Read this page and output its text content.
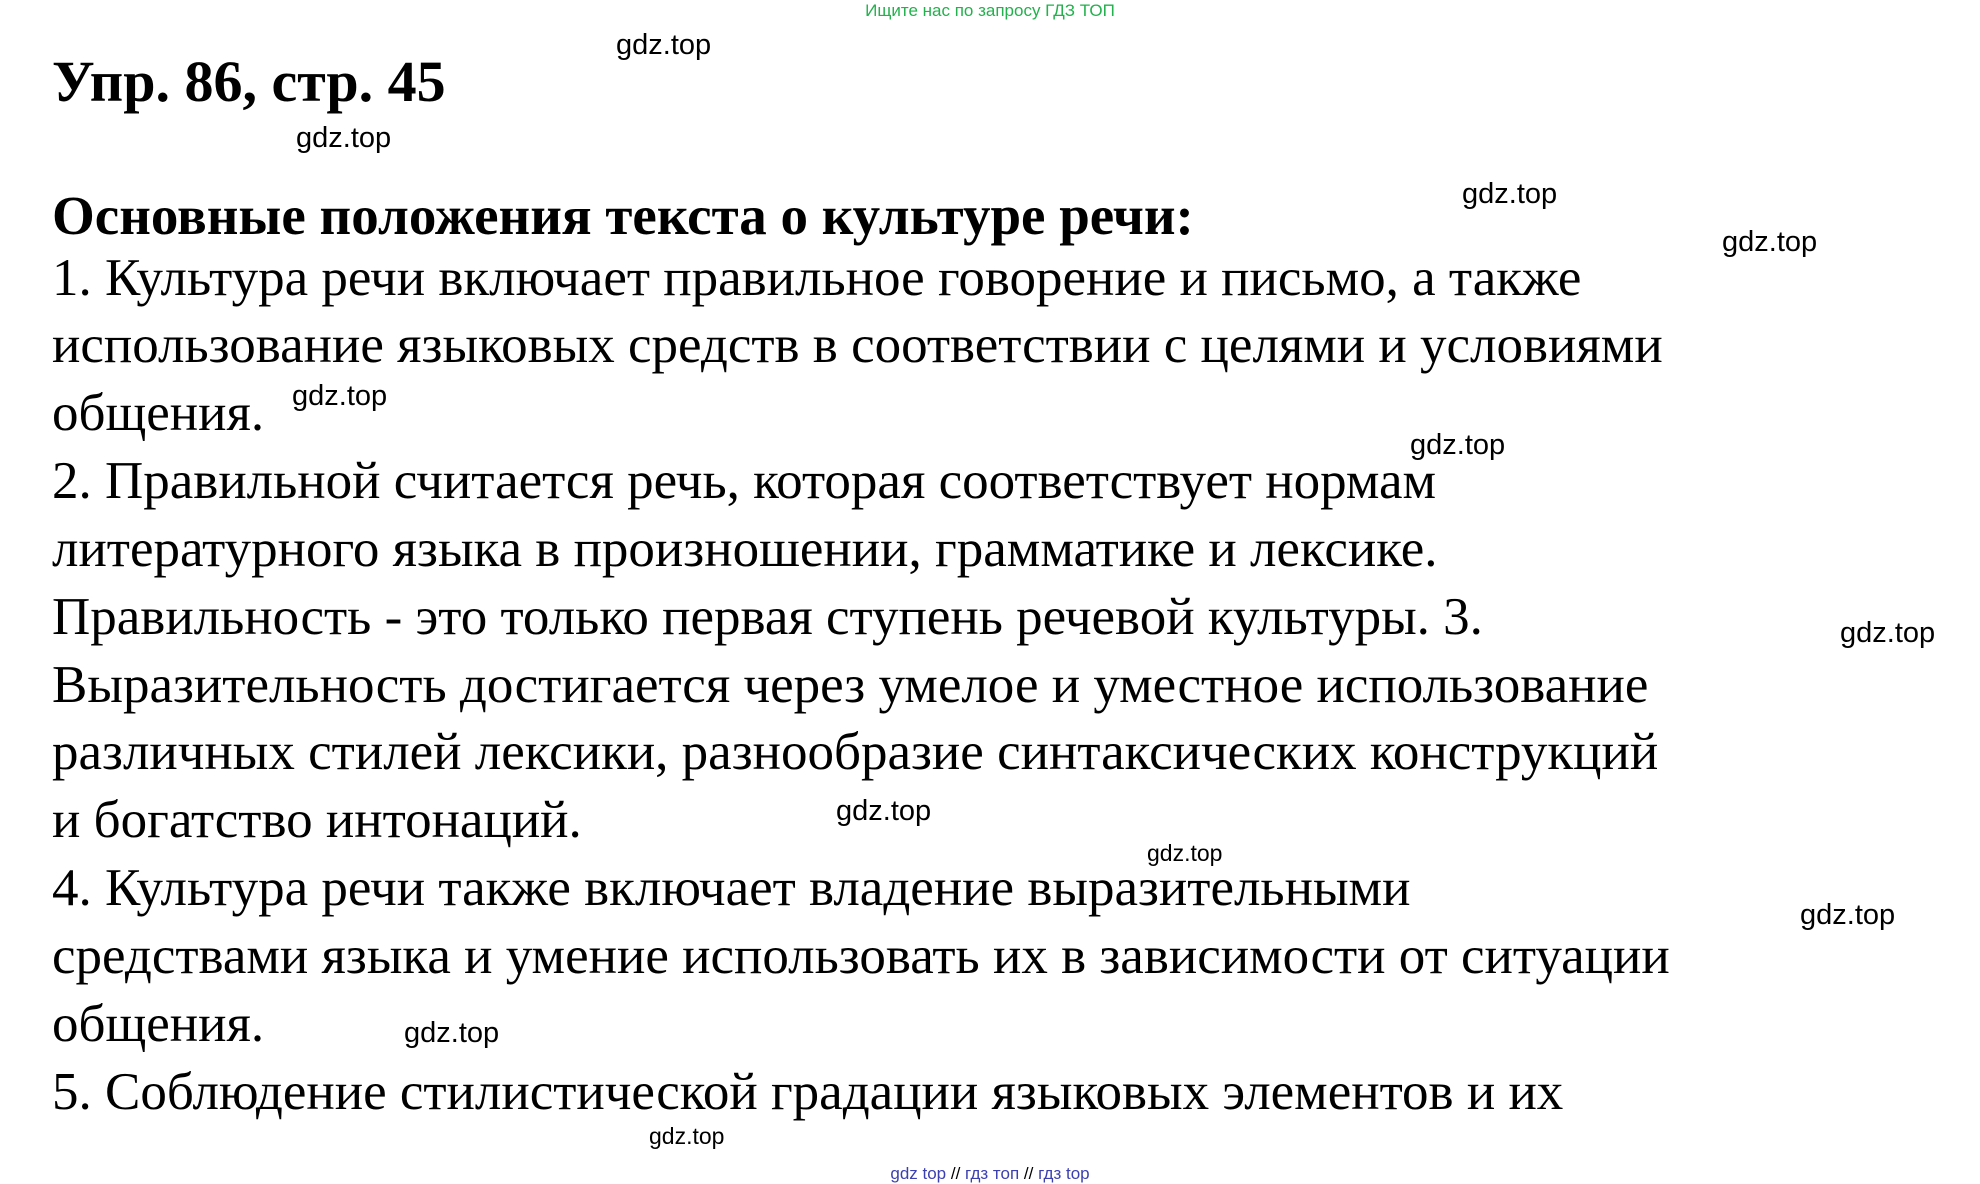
Ищите нас по запросу ГДЗ ТОП
Упр. 86, стр. 45
Основные положения текста о культуре речи:
1. Культура речи включает правильное говорение и письмо, а также
использование языковых средств в соответствии с целями и условиями
общения.
2. Правильной считается речь, которая соответствует нормам
литературного языка в произношении, грамматике и лексике.
Правильность - это только первая ступень речевой культуры. 3.
Выразительность достигается через умелое и уместное использование
различных стилей лексики, разнообразие синтаксических конструкций
и богатство интонаций.
4. Культура речи также включает владение выразительными
средствами языка и умение использовать их в зависимости от ситуации
общения.
5. Соблюдение стилистической градации языковых элементов и их
gdz.top
gdz.top
gdz.top
gdz.top
gdz.top
gdz.top
gdz.top
gdz.top
gdz.top
gdz.top
gdz.top
gdz.top
gdz top // гдз топ // гдз top
